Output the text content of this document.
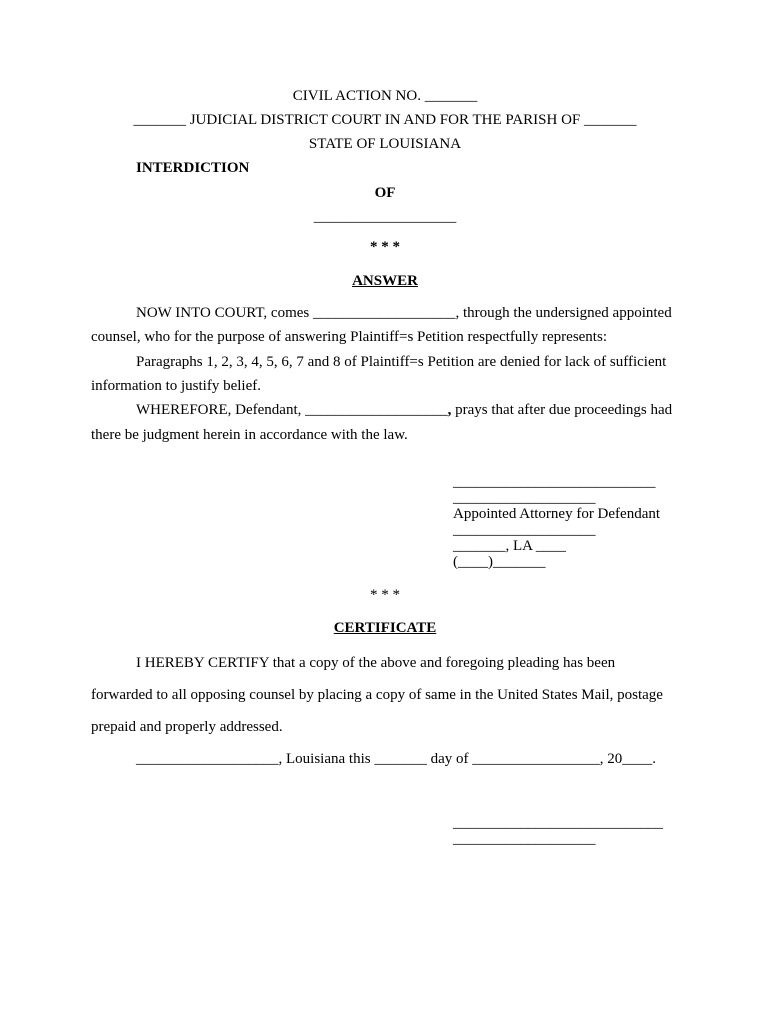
CIVIL ACTION NO. _______
_______ JUDICIAL DISTRICT COURT IN AND FOR THE PARISH OF _______
STATE OF LOUISIANA
INTERDICTION
OF
___________________
* * *
ANSWER
NOW INTO COURT, comes ___________________, through the undersigned appointed
counsel, who for the purpose of answering Plaintiff=s Petition respectfully represents:
Paragraphs 1, 2, 3, 4, 5, 6, 7 and 8 of Plaintiff=s Petition are denied for lack of sufficient
information to justify belief.
WHEREFORE, Defendant, ___________________, prays that after due proceedings had
there be judgment herein in accordance with the law.
___________________________
___________________
Appointed Attorney for Defendant
___________________
_______, LA ____
(____)_______
* * *
CERTIFICATE
I HEREBY CERTIFY that a copy of the above and foregoing pleading has been
forwarded to all opposing counsel by placing a copy of same in the United States Mail, postage
prepaid and properly addressed.
___________________, Louisiana this _______ day of _________________, 20____.
____________________________
___________________
